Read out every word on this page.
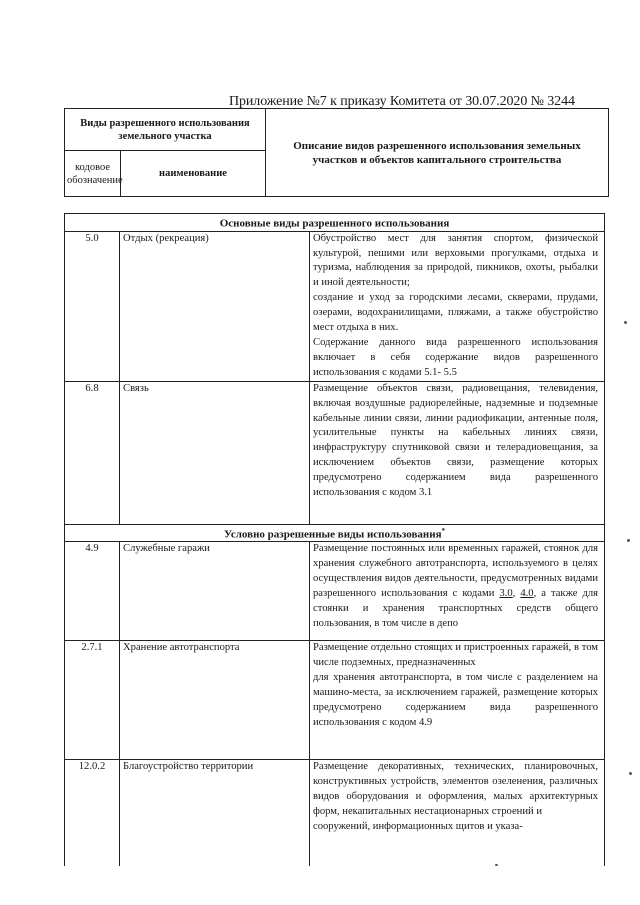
Приложение №7 к приказу Комитета от 30.07.2020 № 3244
Виды разрешенного использования земельного участка		Описание видов разрешенного использования земельных участков и объектов капитального строительства
кодовое обозначение	наименование	
Основные виды разрешенного использования		
5.0	Отдых (рекреация)	Обустройство мест для занятия спортом, физической культурой, пешими или верховыми прогулками, отдыха и туризма, наблюдения за природой, пикников, охоты, рыбалки и иной деятельности;
создание и уход за городскими лесами, скверами, прудами, озерами, водохранилищами, пляжами, а также обустройство мест отдыха в них.
Содержание данного вида разрешенного использования включает в себя содержание видов разрешенного использования с кодами 5.1- 5.5

6.8	Связь	Размещение объектов связи, радиовещания, телевидения, включая воздушные радиорелейные, надземные и подземные кабельные линии связи, линии радиофикации, антенные поля, усилительные пункты на кабельных линиях связи, инфраструктуру спутниковой связи и телерадиовещания, за исключением объектов связи, размещение которых предусмотрено содержанием вида разрешенного использования с кодом 3.1

Условно разрешенные виды использования*
4.9	Служебные гаражи	Размещение постоянных или временных гаражей, стоянок для хранения служебного автотранспорта, используемого в целях осуществления видов деятельности, предусмотренных видами разрешенного использования с кодами 3.0, 4.0, а также для стоянки и хранения транспортных средств общего пользования, в том числе в депо

2.7.1	Хранение автотранспорта	Размещение отдельно стоящих и пристроенных гаражей, в том числе подземных, предназначенных
для хранения автотранспорта, в том числе с разделением на машино-места, за исключением гаражей, размещение которых предусмотрено содержанием вида разрешенного использования с кодом 4.9

12.0.2	Благоустройство территории	Размещение декоративных, технических, планировочных, конструктивных устройств, элементов озеленения, различных видов оборудования и оформления, малых архитектурных форм, некапитальных нестационарных строений и
сооружений, информационных щитов и указа-
